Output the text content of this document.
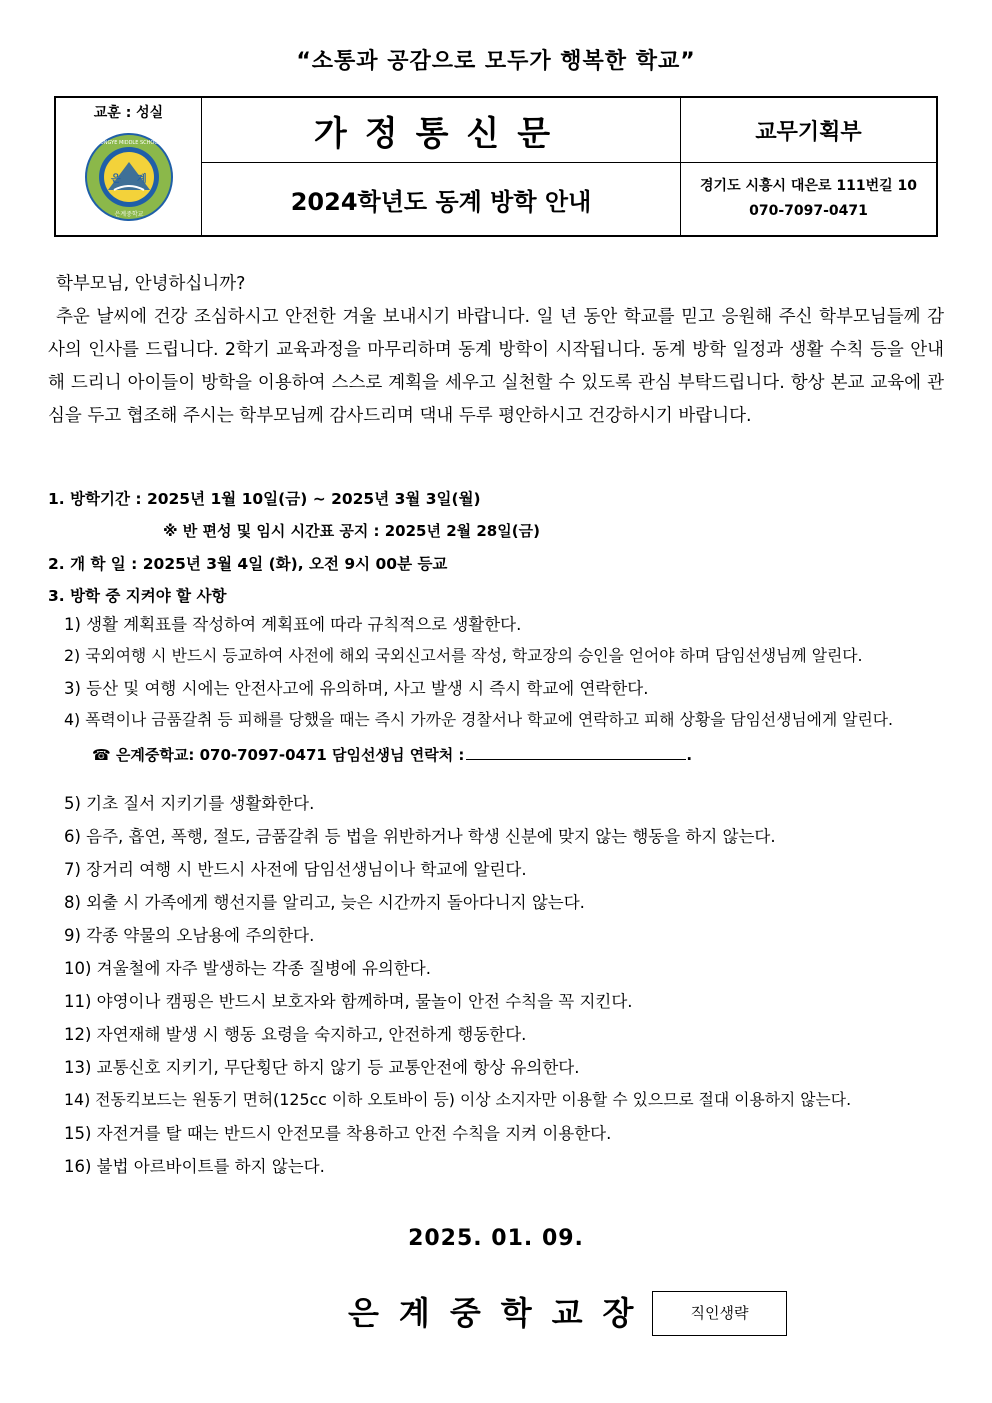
“소통과 공감으로 모두가 행복한 학교”
교훈 : 성실
은 계
EUNGYE MIDDLE SCHOOL
은계중학교	가정통신문	교무기획부
	2024학년도 동계 방학 안내	경기도 시흥시 대은로 111번길 10
070-7097-0471

학부모님, 안녕하십니까?

추운 날씨에 건강 조심하시고 안전한 겨울 보내시기 바랍니다. 일 년 동안 학교를 믿고 응원해 주신 학부모님들께 감사의 인사를 드립니다. 2학기 교육과정을 마무리하며 동계 방학이 시작됩니다. 동계 방학 일정과 생활 수칙 등을 안내해 드리니 아이들이 방학을 이용하여 스스로 계획을 세우고 실천할 수 있도록 관심 부탁드립니다. 항상 본교 교육에 관심을 두고 협조해 주시는 학부모님께 감사드리며 댁내 두루 평안하시고 건강하시기 바랍니다.

1. 방학기간 : 2025년 1월 10일(금) ~ 2025년 3월 3일(월)
※ 반 편성 및 임시 시간표 공지 : 2025년 2월 28일(금)
2. 개 학 일 : 2025년 3월 4일 (화), 오전 9시 00분 등교
3. 방학 중 지켜야 할 사항
1) 생활 계획표를 작성하여 계획표에 따라 규칙적으로 생활한다.
2) 국외여행 시 반드시 등교하여 사전에 해외 국외신고서를 작성, 학교장의 승인을 얻어야 하며 담임선생님께 알린다.
3) 등산 및 여행 시에는 안전사고에 유의하며, 사고 발생 시 즉시 학교에 연락한다.
4) 폭력이나 금품갈취 등 피해를 당했을 때는 즉시 가까운 경찰서나 학교에 연락하고 피해 상황을 담임선생님에게 알린다.
☎ 은계중학교: 070-7097-0471 담임선생님 연락처 :	.
5) 기초 질서 지키기를 생활화한다.
6) 음주, 흡연, 폭행, 절도, 금품갈취 등 법을 위반하거나 학생 신분에 맞지 않는 행동을 하지 않는다.
7) 장거리 여행 시 반드시 사전에 담임선생님이나 학교에 알린다.
8) 외출 시 가족에게 행선지를 알리고, 늦은 시간까지 돌아다니지 않는다.
9) 각종 약물의 오남용에 주의한다.
10) 겨울철에 자주 발생하는 각종 질병에 유의한다.
11) 야영이나 캠핑은 반드시 보호자와 함께하며, 물놀이 안전 수칙을 꼭 지킨다.
12) 자연재해 발생 시 행동 요령을 숙지하고, 안전하게 행동한다.
13) 교통신호 지키기, 무단횡단 하지 않기 등 교통안전에 항상 유의한다.
14) 전동킥보드는 원동기 면허(125cc 이하 오토바이 등) 이상 소지자만 이용할 수 있으므로 절대 이용하지 않는다.
15) 자전거를 탈 때는 반드시 안전모를 착용하고 안전 수칙을 지켜 이용한다.
16) 불법 아르바이트를 하지 않는다.
2025. 01. 09.
은계중학교장	직인생략
